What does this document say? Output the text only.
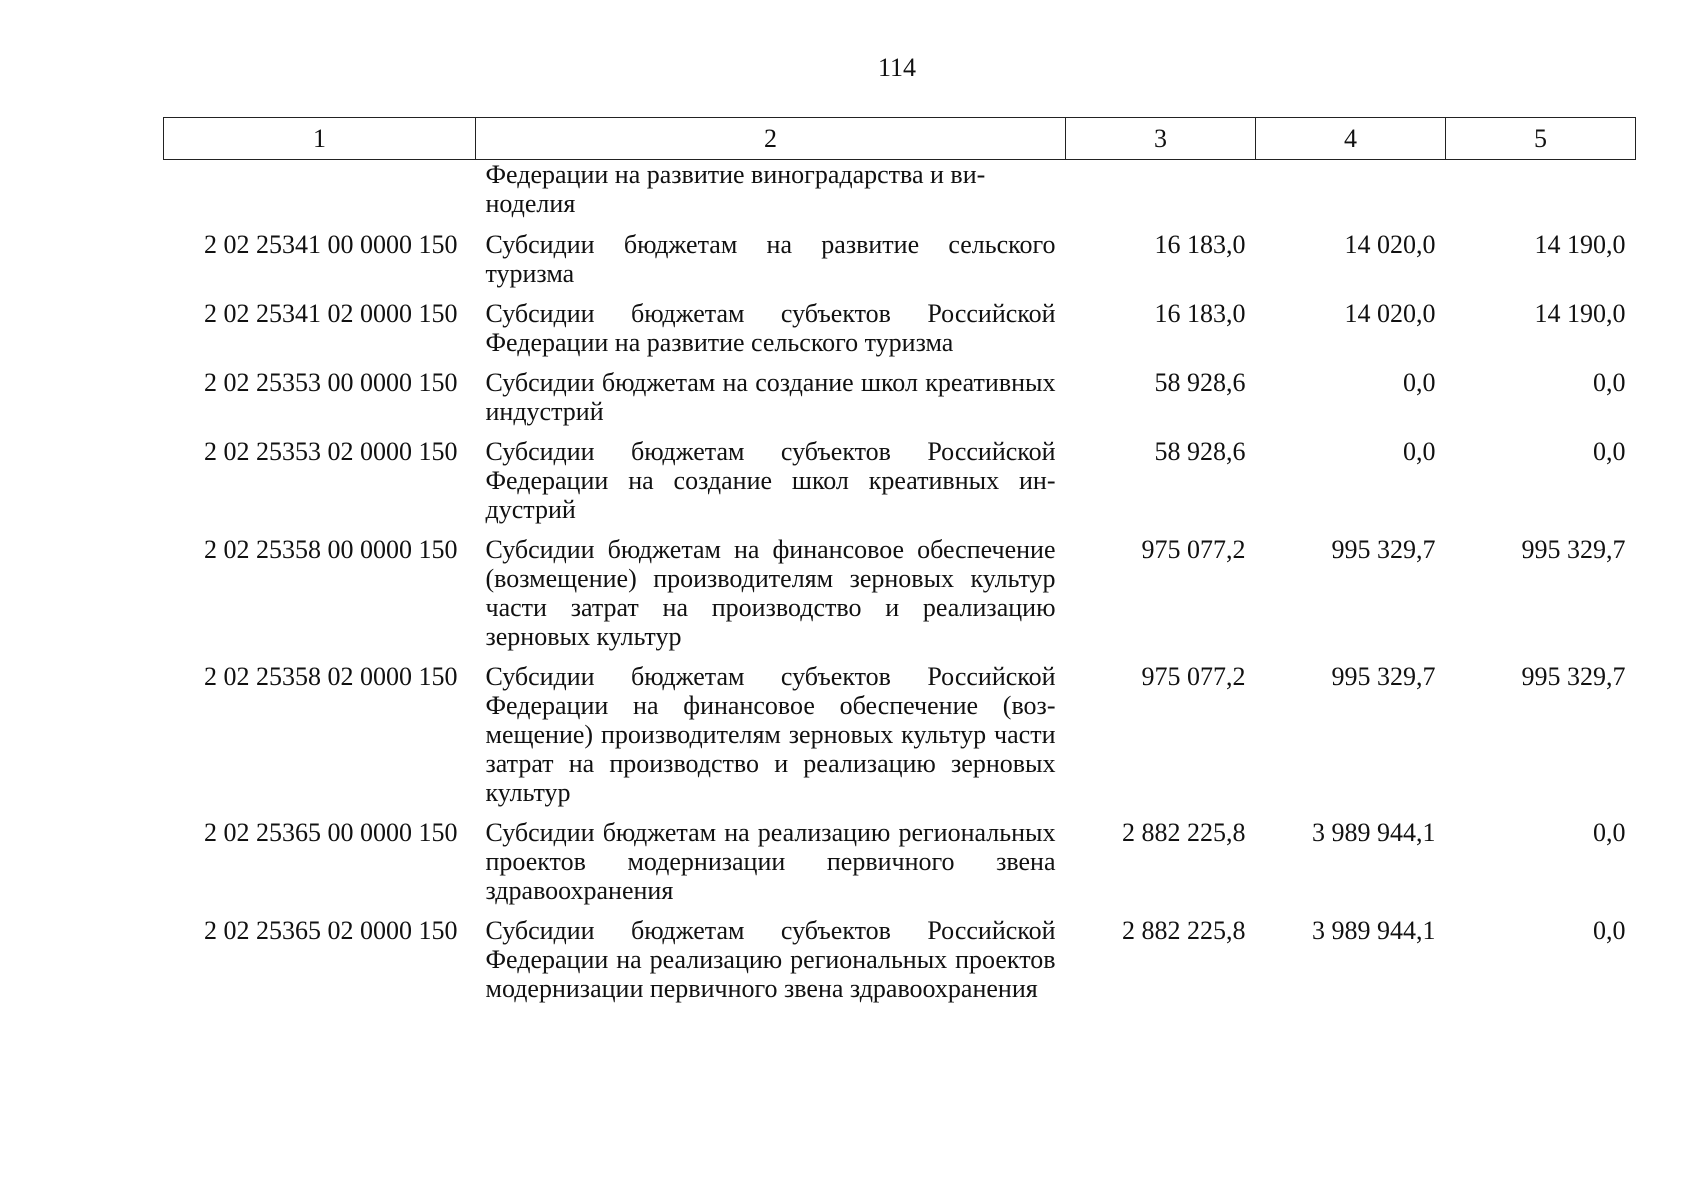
114
1	2	3	4	5
	Федерации на развитие виноградарства и ви-
ноделия			
2 02 25341 00 0000 150	Субсидии бюджетам на развитие сельского туризма	16 183,0	14 020,0	14 190,0
2 02 25341 02 0000 150	Субсидии бюджетам субъектов Российской Федерации на развитие сельского туризма	16 183,0	14 020,0	14 190,0
2 02 25353 00 0000 150	Субсидии бюджетам на создание школ креативных индустрий	58 928,6	0,0	0,0
2 02 25353 02 0000 150	Субсидии бюджетам субъектов Российской Федерации на создание школ креативных индустрий	58 928,6	0,0	0,0
2 02 25358 00 0000 150	Субсидии бюджетам на финансовое обеспечение (возмещение) производителям зерновых культур части затрат на производство и реализацию зерновых культур	975 077,2	995 329,7	995 329,7
2 02 25358 02 0000 150	Субсидии бюджетам субъектов Российской Федерации на финансовое обеспечение (возмещение) производителям зерновых культур части затрат на производство и реализацию зерновых культур	975 077,2	995 329,7	995 329,7
2 02 25365 00 0000 150	Субсидии бюджетам на реализацию региональных проектов модернизации первичного звена здравоохранения	2 882 225,8	3 989 944,1	0,0
2 02 25365 02 0000 150	Субсидии бюджетам субъектов Российской Федерации на реализацию региональных проектов модернизации первичного звена здравоохранения	2 882 225,8	3 989 944,1	0,0
